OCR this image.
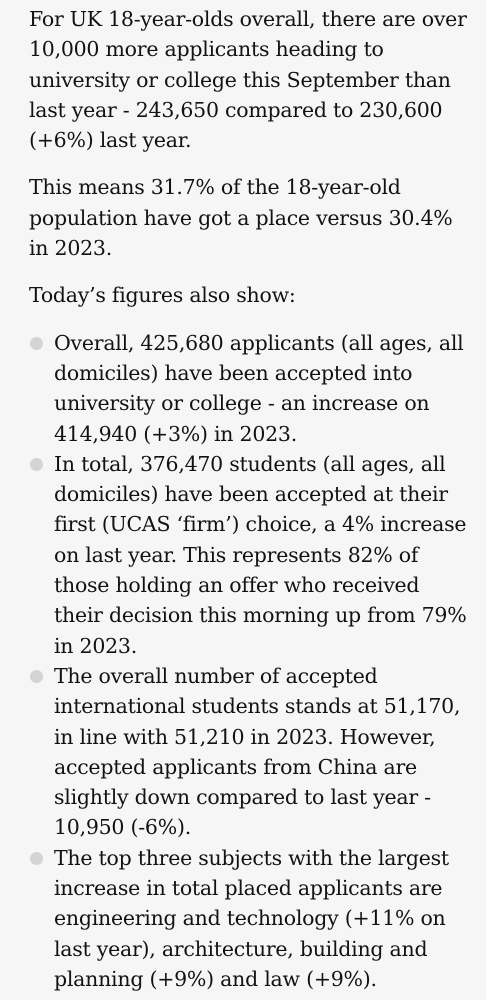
For UK 18-year-olds overall, there are over 10,000 more applicants heading to university or college this September than last year - 243,650 compared to 230,600 (+6%) last year.

This means 31.7% of the 18-year-old population have got a place versus 30.4% in 2023.

Today’s figures also show:

Overall, 425,680 applicants (all ages, all domiciles) have been accepted into university or college - an increase on 414,940 (+3%) in 2023.
In total, 376,470 students (all ages, all domiciles) have been accepted at their first (UCAS ‘firm’) choice, a 4% increase on last year. This represents 82% of those holding an offer who received their decision this morning up from 79% in 2023.
The overall number of accepted international students stands at 51,170, in line with 51,210 in 2023. However, accepted applicants from China are slightly down compared to last year - 10,950 (-6%).
The top three subjects with the largest increase in total placed applicants are engineering and technology (+11% on last year), architecture, building and planning (+9%) and law (+9%).
